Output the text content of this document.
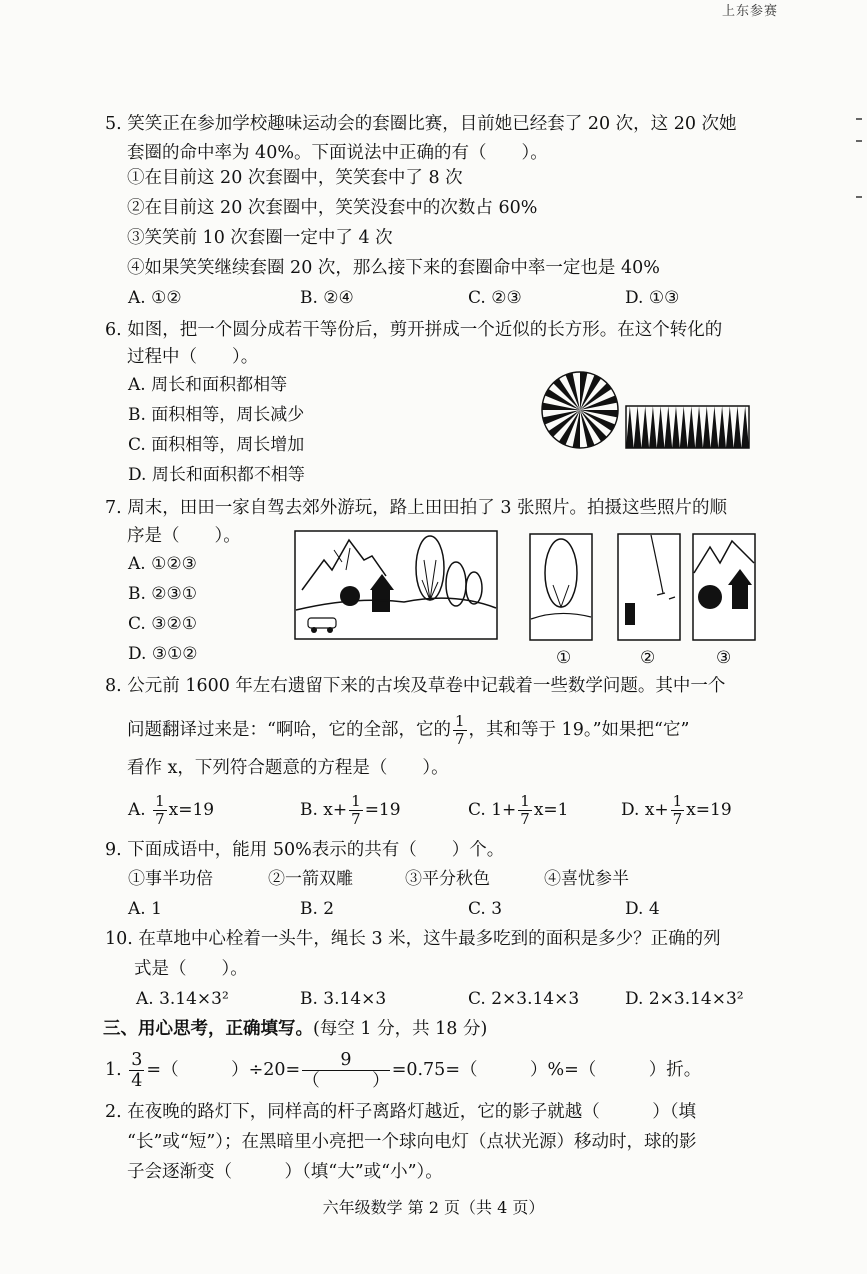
上东参赛
5. 笑笑正在参加学校趣味运动会的套圈比赛，目前她已经套了 20 次，这 20 次她
套圈的命中率为 40%。下面说法中正确的有（　　）。
①在目前这 20 次套圈中，笑笑套中了 8 次
②在目前这 20 次套圈中，笑笑没套中的次数占 60%
③笑笑前 10 次套圈一定中了 4 次
④如果笑笑继续套圈 20 次，那么接下来的套圈命中率一定也是 40%
A. ①②	B. ②④	C. ②③	D. ①③
6. 如图，把一个圆分成若干等份后，剪开拼成一个近似的长方形。在这个转化的
过程中（　　）。
A. 周长和面积都相等
B. 面积相等，周长减少
C. 面积相等，周长增加
D. 周长和面积都不相等
7. 周末，田田一家自驾去郊外游玩，路上田田拍了 3 张照片。拍摄这些照片的顺
序是（　　）。
A. ①②③
B. ②③①
C. ③②①
D. ③①②	①	②	③
8. 公元前 1600 年左右遗留下来的古埃及草卷中记载着一些数学问题。其中一个
问题翻译过来是：“啊哈，它的全部，它的 $\frac{1}{7}$ ，其和等于 19。”如果把“它”
看作 x，下列符合题意的方程是（　　）。
A. $\frac{1}{7} x=19$	B. $x+ \frac{1}{7} =19$	C. $1+ \frac{1}{7} x=1$	D. $x+ \frac{1}{7} x=19$
9. 下面成语中，能用 50%表示的共有（　　）个。
①事半功倍	②一箭双雕	③平分秋色	④喜忧参半
A. 1	B. 2	C. 3	D. 4
10. 在草地中心栓着一头牛，绳长 3 米，这牛最多吃到的面积是多少？正确的列
式是（　　）。
A. 3.14×3²	B. 3.14×3	C. 2×3.14×3	D. 2×3.14×3²
三、用心思考，正确填写。(每空 1 分，共 18 分)
1. $\frac{3}{4}$ =（　　　）$\div 20= \frac{9}{( )} =0.75=$（　　　）%=（　　　）折。
2. 在夜晚的路灯下，同样高的杆子离路灯越近，它的影子就越（　　　）（填
“长”或“短”）；在黑暗里小亮把一个球向电灯（点状光源）移动时，球的影
子会逐渐变（　　　）（填“大”或“小”）。
六年级数学 第 2 页（共 4 页）
